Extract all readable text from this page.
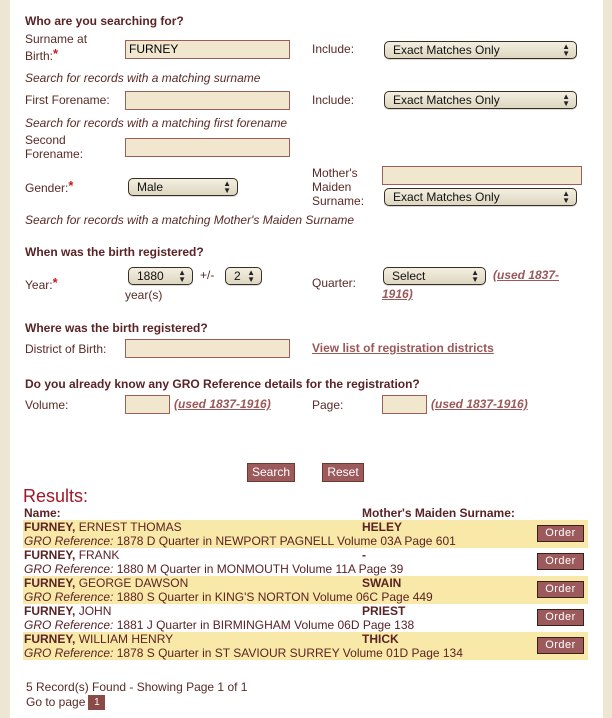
Who are you searching for?
Surname at
Birth:*	FURNEY	Include:	Exact Matches Only	▲
▼
Search for records with a matching surname
First Forename:	Include:	Exact Matches Only	▲
▼
Search for records with a matching first forename
Second
Forename:
Gender:*	Male	▲
▼
Mother's
Maiden
Surname:	Exact Matches Only	▲
▼
Search for records with a matching Mother's Maiden Surname
When was the birth registered?
Year:*	1880 ▲
▼ +/-	2 ▲
▼
year(s)
Quarter:	Select	▲
▼ (used 1837-
1916)
Where was the birth registered?
District of Birth:	View list of registration districts
Do you already know any GRO Reference details for the registration?
Volume:	(used 1837-1916)	Page:	(used 1837-1916)
Search	Reset
Results:
Name:	Mother's Maiden Surname:
FURNEY, ERNEST THOMAS	HELEY
GRO Reference: 1878 D Quarter in NEWPORT PAGNELL Volume 03A Page 601
Order
FURNEY, FRANK	-
GRO Reference: 1880 M Quarter in MONMOUTH Volume 11A Page 39
Order
FURNEY, GEORGE DAWSON	SWAIN
GRO Reference: 1880 S Quarter in KING'S NORTON Volume 06C Page 449
Order
FURNEY, JOHN	PRIEST
GRO Reference: 1881 J Quarter in BIRMINGHAM Volume 06D Page 138
Order
FURNEY, WILLIAM HENRY	THICK
GRO Reference: 1878 S Quarter in ST SAVIOUR SURREY Volume 01D Page 134
Order
5 Record(s) Found - Showing Page 1 of 1
Go to page 1
